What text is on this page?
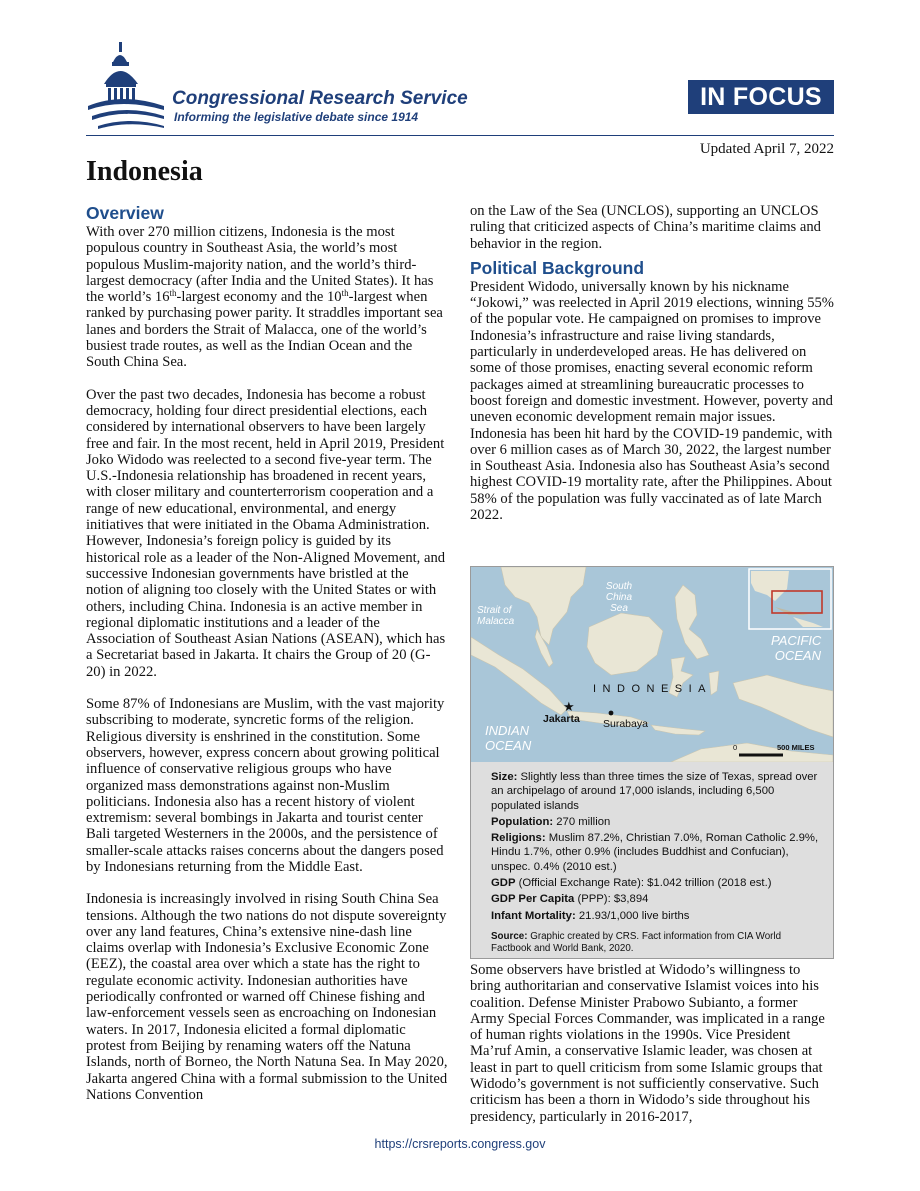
Congressional Research Service
Informing the legislative debate since 1914
IN FOCUS
Updated April 7, 2022
Indonesia
Overview

With over 270 million citizens, Indonesia is the most populous country in Southeast Asia, the world’s most populous Muslim-majority nation, and the world’s third-largest democracy (after India and the United States). It has the world’s 16th-largest economy and the 10th-largest when ranked by purchasing power parity. It straddles important sea lanes and borders the Strait of Malacca, one of the world’s busiest trade routes, as well as the Indian Ocean and the South China Sea.

Over the past two decades, Indonesia has become a robust democracy, holding four direct presidential elections, each considered by international observers to have been largely free and fair. In the most recent, held in April 2019, President Joko Widodo was reelected to a second five-year term. The U.S.-Indonesia relationship has broadened in recent years, with closer military and counterterrorism cooperation and a range of new educational, environmental, and energy initiatives that were initiated in the Obama Administration. However, Indonesia’s foreign policy is guided by its historical role as a leader of the Non-Aligned Movement, and successive Indonesian governments have bristled at the notion of aligning too closely with the United States or with others, including China. Indonesia is an active member in regional diplomatic institutions and a leader of the Association of Southeast Asian Nations (ASEAN), which has a Secretariat based in Jakarta. It chairs the Group of 20 (G-20) in 2022.

Some 87% of Indonesians are Muslim, with the vast majority subscribing to moderate, syncretic forms of the religion. Religious diversity is enshrined in the constitution. Some observers, however, express concern about growing political influence of conservative religious groups who have organized mass demonstrations against non-Muslim politicians. Indonesia also has a recent history of violent extremism: several bombings in Jakarta and tourist center Bali targeted Westerners in the 2000s, and the persistence of smaller-scale attacks raises concerns about the dangers posed by Indonesians returning from the Middle East.

Indonesia is increasingly involved in rising South China Sea tensions. Although the two nations do not dispute sovereignty over any land features, China’s extensive nine-dash line claims overlap with Indonesia’s Exclusive Economic Zone (EEZ), the coastal area over which a state has the right to regulate economic activity. Indonesian authorities have periodically confronted or warned off Chinese fishing and law-enforcement vessels seen as encroaching on Indonesian waters. In 2017, Indonesia elicited a formal diplomatic protest from Beijing by renaming waters off the Natuna Islands, north of Borneo, the North Natuna Sea. In May 2020, Jakarta angered China with a formal submission to the United Nations Convention

on the Law of the Sea (UNCLOS), supporting an UNCLOS ruling that criticized aspects of China’s maritime claims and behavior in the region.

Political Background

President Widodo, universally known by his nickname “Jokowi,” was reelected in April 2019 elections, winning 55% of the popular vote. He campaigned on promises to improve Indonesia’s infrastructure and raise living standards, particularly in underdeveloped areas. He has delivered on some of those promises, enacting several economic reform packages aimed at streamlining bureaucratic processes to boost foreign and domestic investment. However, poverty and uneven economic development remain major issues. Indonesia has been hit hard by the COVID-19 pandemic, with over 6 million cases as of March 30, 2022, the largest number in Southeast Asia. Indonesia also has Southeast Asia’s second highest COVID-19 mortality rate, after the Philippines. About 58% of the population was fully vaccinated as of late March 2022.

★
South China Sea
Strait of Malacca
PACIFIC OCEAN
INDIAN OCEAN
INDONESIA
Jakarta Surabaya
0	500 MILES
Size: Slightly less than three times the size of Texas, spread over an archipelago of around 17,000 islands, including 6,500 populated islands
Population: 270 million
Religions: Muslim 87.2%, Christian 7.0%, Roman Catholic 2.9%, Hindu 1.7%, other 0.9% (includes Buddhist and Confucian), unspec. 0.4% (2010 est.)
GDP (Official Exchange Rate): $1.042 trillion (2018 est.)
GDP Per Capita (PPP): $3,894
Infant Mortality: 21.93/1,000 live births
Source: Graphic created by CRS. Fact information from CIA World Factbook and World Bank, 2020.

Some observers have bristled at Widodo’s willingness to bring authoritarian and conservative Islamist voices into his coalition. Defense Minister Prabowo Subianto, a former Army Special Forces Commander, was implicated in a range of human rights violations in the 1990s. Vice President Ma’ruf Amin, a conservative Islamic leader, was chosen at least in part to quell criticism from some Islamic groups that Widodo’s government is not sufficiently conservative. Such criticism has been a thorn in Widodo’s side throughout his presidency, particularly in 2016-2017,

https://crsreports.congress.gov
